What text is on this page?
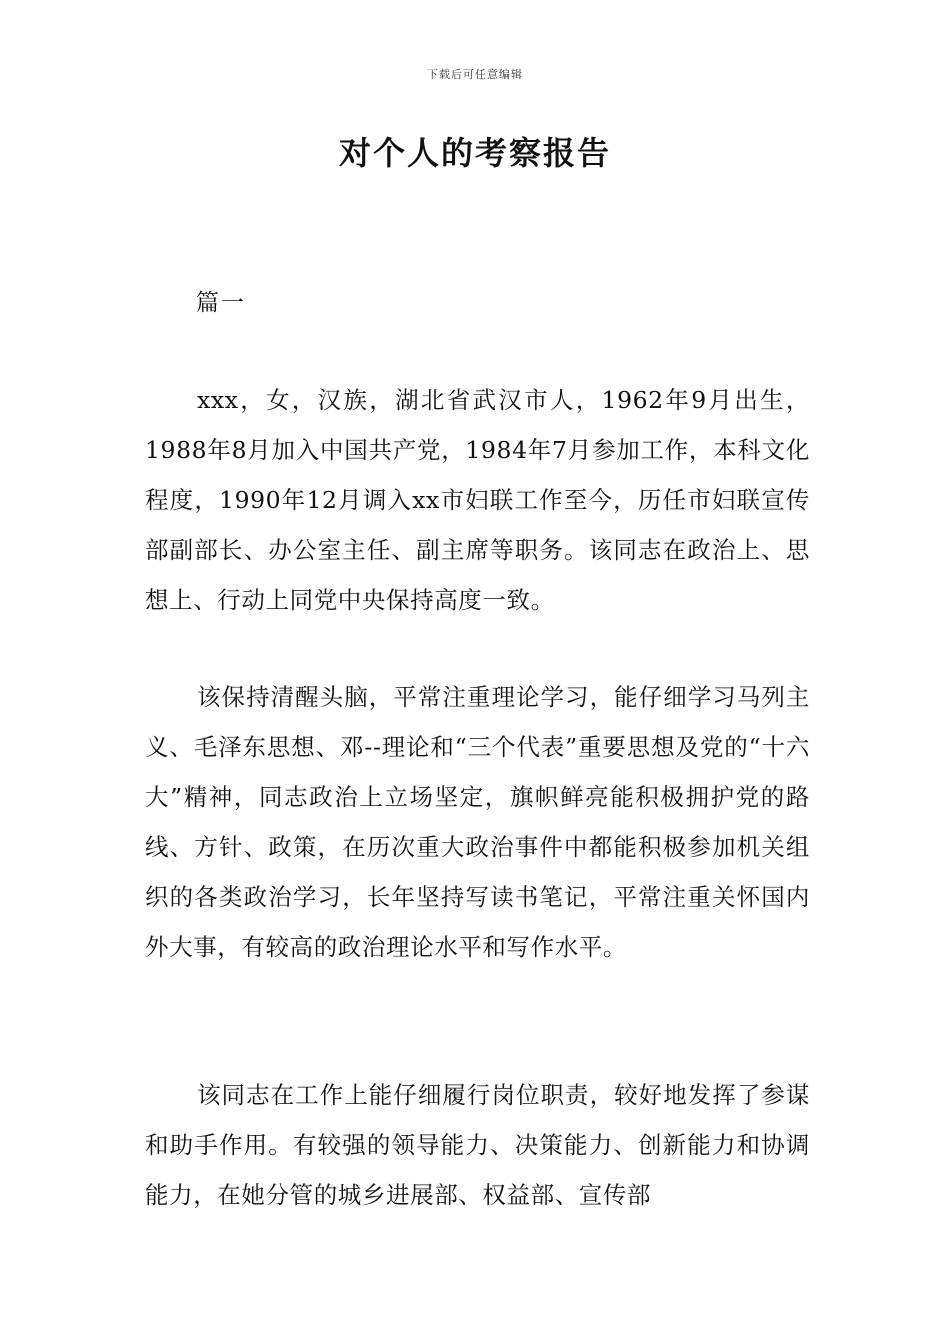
下载后可任意编辑
对个人的考察报告
篇一

xxx，女，汉族，湖北省武汉市人，1962年9月出生，1988年8月加入中国共产党，1984年7月参加工作，本科文化程度，1990年12月调入xx市妇联工作至今，历任市妇联宣传部副部长、办公室主任、副主席等职务。该同志在政治上、思想上、行动上同党中央保持高度一致。

该保持清醒头脑，平常注重理论学习，能仔细学习马列主义、毛泽东思想、邓--理论和“三个代表”重要思想及党的“十六大”精神，同志政治上立场坚定，旗帜鲜亮能积极拥护党的路线、方针、政策，在历次重大政治事件中都能积极参加机关组织的各类政治学习，长年坚持写读书笔记，平常注重关怀国内外大事，有较高的政治理论水平和写作水平。

该同志在工作上能仔细履行岗位职责，较好地发挥了参谋和助手作用。有较强的领导能力、决策能力、创新能力和协调能力，在她分管的城乡进展部、权益部、宣传部
